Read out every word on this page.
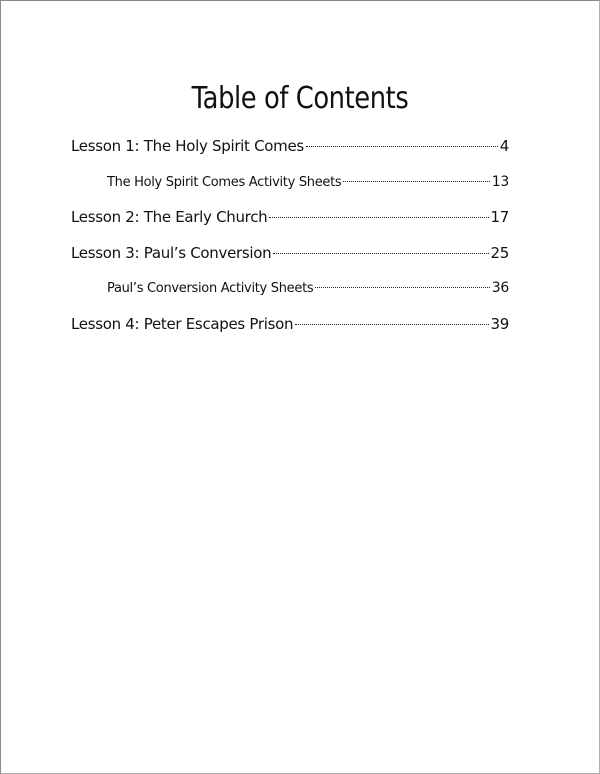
Table of Contents
Lesson 1: The Holy Spirit Comes	4
The Holy Spirit Comes Activity Sheets	13
Lesson 2: The Early Church	17
Lesson 3: Paul’s Conversion	25
Paul’s Conversion Activity Sheets	36
Lesson 4: Peter Escapes Prison	39
